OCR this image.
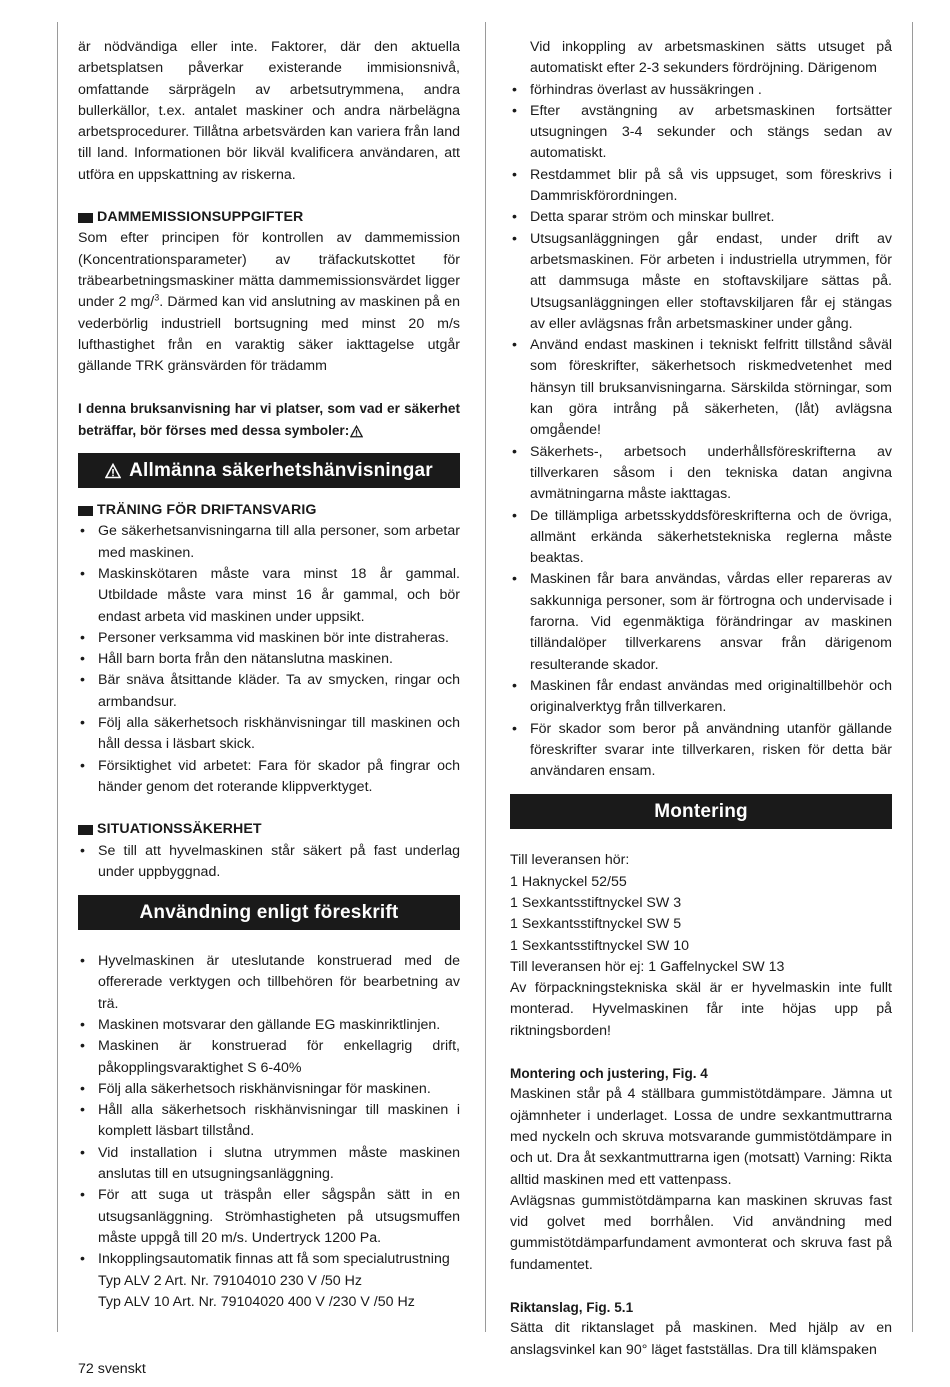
är nödvändiga eller inte. Faktorer, där den aktuella arbetsplatsen påverkar existerande immisionsnivå, omfattande särprägeln av arbetsutrymmena, andra bullerkällor, t.ex. antalet maskiner och andra närbelägna arbetsprocedurer. Tillåtna arbetsvärden kan variera från land till land. Informationen bör likväl kvalificera användaren, att utföra en uppskattning av riskerna.

DAMMEMISSIONSUPPGIFTER

Som efter principen för kontrollen av dammemission (Koncentrationsparameter) av träfackutskottet för träbearbetningsmaskiner mätta dammemissionsvärdet ligger under 2 mg/$^3$. Därmed kan vid anslutning av maskinen på en vederbörlig industriell bortsugning med minst 20 m/s lufthastighet från en varaktig säker iakttagelse utgår gällande TRK gränsvärden för trädamm

I denna bruksanvisning har vi platser, som vad er säkerhet beträffar, bör förses med dessa symboler:

Allmänna säkerhetshänvisningar
TRÄNING FÖR DRIFTANSVARIG
• Ge säkerhetsanvisningarna till alla personer, som arbetar med maskinen.
• Maskinskötaren måste vara minst 18 år gammal. Utbildade måste vara minst 16 år gammal, och bör endast arbeta vid maskinen under uppsikt.
• Personer verksamma vid maskinen bör inte distraheras.
• Håll barn borta från den nätanslutna maskinen.
• Bär snäva åtsittande kläder. Ta av smycken, ringar och armbandsur.
• Följ alla säkerhetsoch riskhänvisningar till maskinen och håll dessa i läsbart skick.
• Försiktighet vid arbetet: Fara för skador på fingrar och händer genom det roterande klippverktyget.
SITUATIONSSÄKERHET
• Se till att hyvelmaskinen står säkert på fast underlag under uppbyggnad.
Användning enligt föreskrift
• Hyvelmaskinen är uteslutande konstruerad med de offererade verktygen och tillbehören för bearbetning av trä.
• Maskinen motsvarar den gällande EG maskinriktlinjen.
• Maskinen är konstruerad för enkellagrig drift, påkopplingsvaraktighet S 6-40%
• Följ alla säkerhetsoch riskhänvisningar för maskinen.
• Håll alla säkerhetsoch riskhänvisningar till maskinen i komplett läsbart tillstånd.
• Vid installation i slutna utrymmen måste maskinen anslutas till en utsugningsanläggning.
• För att suga ut träspån eller sågspån sätt in en utsugsanläggning. Strömhastigheten på utsugsmuffen måste uppgå till 20 m/s. Undertryck 1200 Pa.
• Inkopplingsautomatik finnas att få som specialutrustning
Typ ALV 2 Art. Nr. 79104010 230 V /50 Hz
Typ ALV 10 Art. Nr. 79104020 400 V /230 V /50 Hz

Vid inkoppling av arbetsmaskinen sätts utsuget på automatiskt efter 2-3 sekunders fördröjning. Därigenom

• förhindras överlast av hussäkringen .
• Efter avstängning av arbetsmaskinen fortsätter utsugningen 3-4 sekunder och stängs sedan av automatiskt.
• Restdammet blir på så vis uppsuget, som föreskrivs i Dammriskförordningen.
• Detta sparar ström och minskar bullret.
• Utsugsanläggningen går endast, under drift av arbetsmaskinen. För arbeten i industriella utrymmen, för att dammsuga måste en stoftavskiljare sättas på. Utsugsanläggningen eller stoftavskiljaren får ej stängas av eller avlägsnas från arbetsmaskiner under gång.
• Använd endast maskinen i tekniskt felfritt tillstånd såväl som föreskrifter, säkerhetsoch riskmedvetenhet med hänsyn till bruksanvisningarna. Särskilda störningar, som kan göra intrång på säkerheten, (låt) avlägsna omgående!
• Säkerhets-, arbetsoch underhållsföreskrifterna av tillverkaren såsom i den tekniska datan angivna avmätningarna måste iakttagas.
• De tillämpliga arbetsskyddsföreskrifterna och de övriga, allmänt erkända säkerhetstekniska reglerna måste beaktas.
• Maskinen får bara användas, vårdas eller repareras av sakkunniga personer, som är förtrogna och undervisade i farorna. Vid egenmäktiga förändringar av maskinen tilländalöper tillverkarens ansvar från därigenom resulterande skador.
• Maskinen får endast användas med originaltillbehör och originalverktyg från tillverkaren.
• För skador som beror på användning utanför gällande föreskrifter svarar inte tillverkaren, risken för detta bär användaren ensam.
Montering

Till leveransen hör:

1 Haknyckel 52/55

1 Sexkantsstiftnyckel SW 3

1 Sexkantsstiftnyckel SW 5

1 Sexkantsstiftnyckel SW 10

Till leveransen hör ej: 1 Gaffelnyckel SW 13

Av förpackningstekniska skäl är er hyvelmaskin inte fullt monterad. Hyvelmaskinen får inte höjas upp på riktningsborden!

Montering och justering, Fig. 4

Maskinen står på 4 ställbara gummistötdämpare. Jämna ut ojämnheter i underlaget. Lossa de undre sexkantmuttrarna med nyckeln och skruva motsvarande gummistötdämpare in och ut. Dra åt sexkantmuttrarna igen (motsatt) Varning: Rikta alltid maskinen med ett vattenpass.

Avlägsnas gummistötdämparna kan maskinen skruvas fast vid golvet med borrhålen. Vid användning med gummistötdämparfundament avmonterat och skruva fast på fundamentet.

Riktanslag, Fig. 5.1

Sätta dit riktanslaget på maskinen. Med hjälp av en anslagsvinkel kan 90° läget fastställas. Dra till klämspaken

72 svenskt
